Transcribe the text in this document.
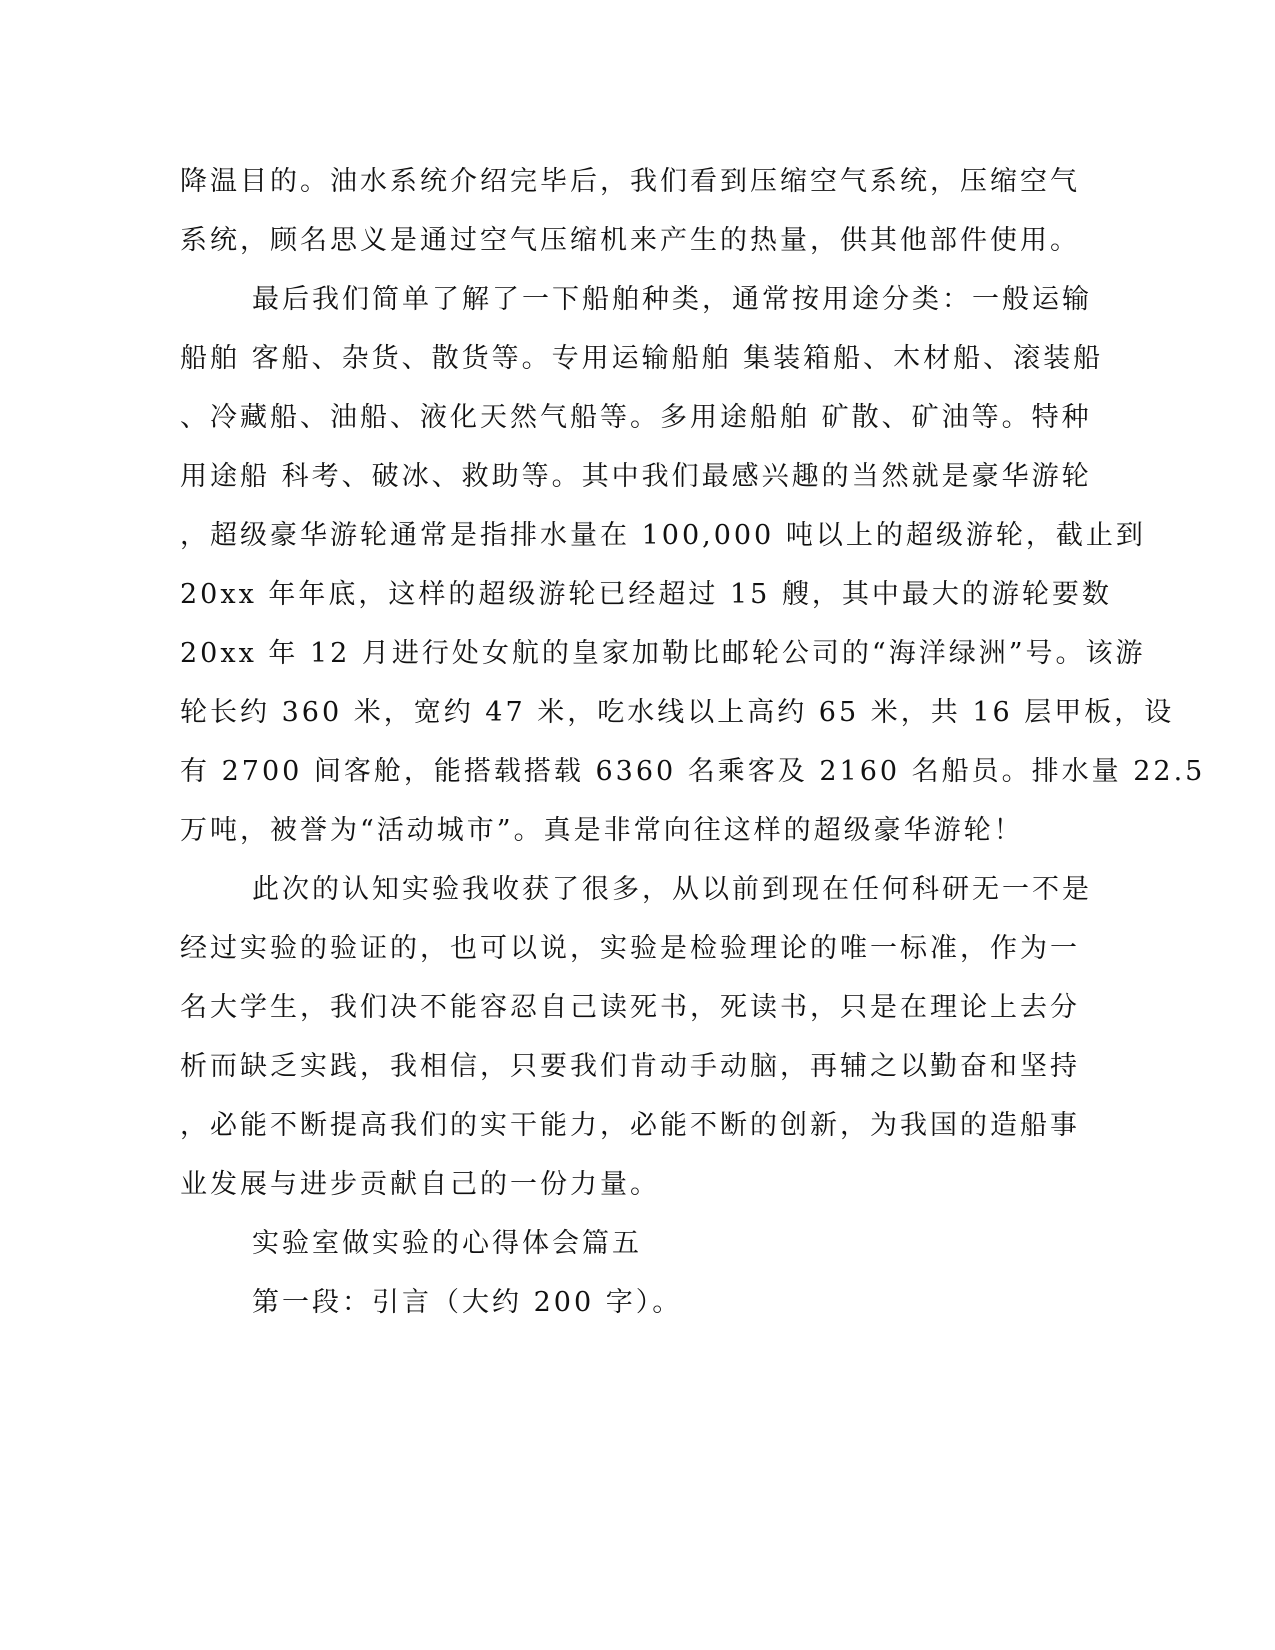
降温目的。油水系统介绍完毕后，我们看到压缩空气系统，压缩空气
系统，顾名思义是通过空气压缩机来产生的热量，供其他部件使用。
最后我们简单了解了一下船舶种类，通常按用途分类：一般运输
船舶 客船、杂货、散货等。专用运输船舶 集装箱船、木材船、滚装船
、冷藏船、油船、液化天然气船等。多用途船舶 矿散、矿油等。特种
用途船 科考、破冰、救助等。其中我们最感兴趣的当然就是豪华游轮
，超级豪华游轮通常是指排水量在 100,000 吨以上的超级游轮，截止到
20xx 年年底，这样的超级游轮已经超过 15 艘，其中最大的游轮要数
20xx 年 12 月进行处女航的皇家加勒比邮轮公司的“海洋绿洲”号。该游
轮长约 360 米，宽约 47 米，吃水线以上高约 65 米，共 16 层甲板，设
有 2700 间客舱，能搭载搭载 6360 名乘客及 2160 名船员。排水量 22.5
万吨，被誉为“活动城市”。真是非常向往这样的超级豪华游轮！
此次的认知实验我收获了很多，从以前到现在任何科研无一不是
经过实验的验证的，也可以说，实验是检验理论的唯一标准，作为一
名大学生，我们决不能容忍自己读死书，死读书，只是在理论上去分
析而缺乏实践，我相信，只要我们肯动手动脑，再辅之以勤奋和坚持
，必能不断提高我们的实干能力，必能不断的创新，为我国的造船事
业发展与进步贡献自己的一份力量。
实验室做实验的心得体会篇五
第一段：引言（大约 200 字）。
